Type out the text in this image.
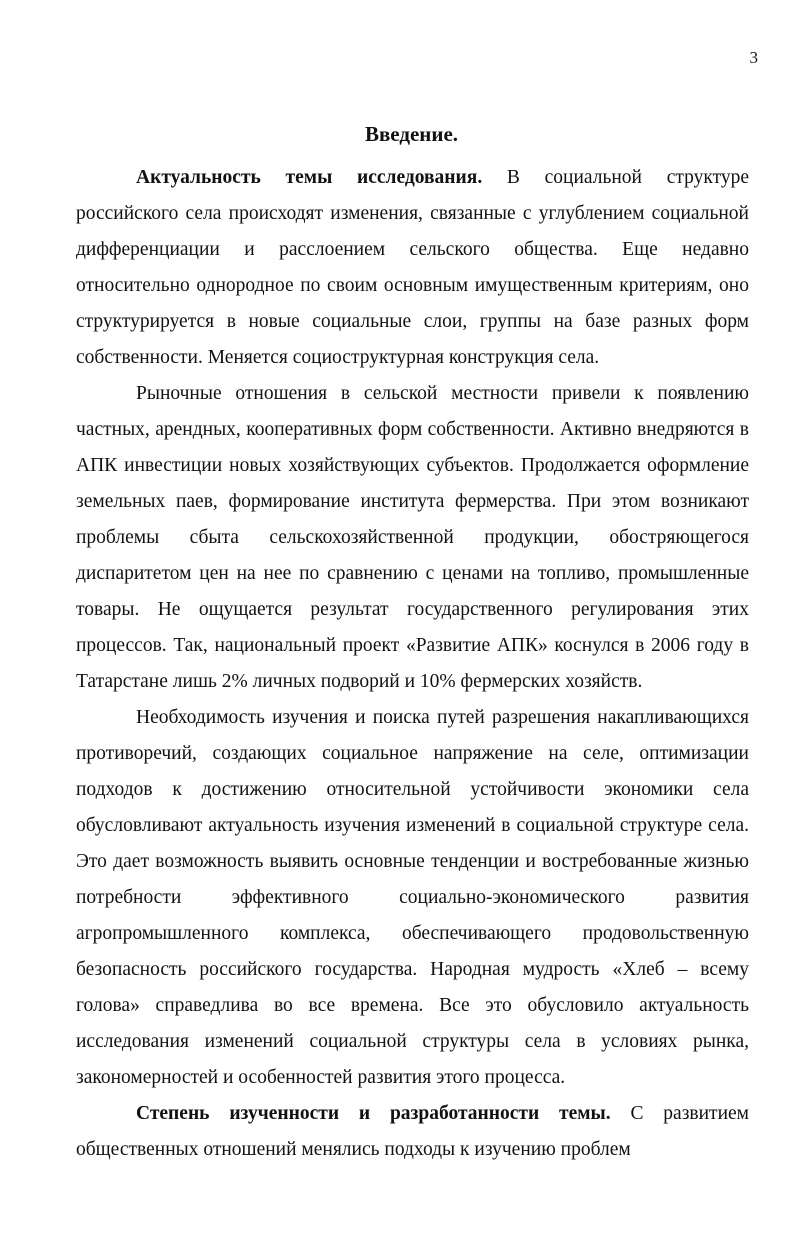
3
Введение.

Актуальность темы исследования. В социальной структуре российского села происходят изменения, связанные с углублением социальной дифференциации и расслоением сельского общества. Еще недавно относительно однородное по своим основным имущественным критериям, оно структурируется в новые социальные слои, группы на базе разных форм собственности. Меняется социоструктурная конструкция села.

Рыночные отношения в сельской местности привели к появлению частных, арендных, кооперативных форм собственности. Активно внедряются в АПК инвестиции новых хозяйствующих субъектов. Продолжается оформление земельных паев, формирование института фермерства. При этом возникают проблемы сбыта сельскохозяйственной продукции, обостряющегося диспаритетом цен на нее по сравнению с ценами на топливо, промышленные товары. Не ощущается результат государственного регулирования этих процессов. Так, национальный проект «Развитие АПК» коснулся в 2006 году в Татарстане лишь 2% личных подворий и 10% фермерских хозяйств.

Необходимость изучения и поиска путей разрешения накапливающихся противоречий, создающих социальное напряжение на селе, оптимизации подходов к достижению относительной устойчивости экономики села обусловливают актуальность изучения изменений в социальной структуре села. Это дает возможность выявить основные тенденции и востребованные жизнью потребности эффективного социально-экономического развития агропромышленного комплекса, обеспечивающего продовольственную безопасность российского государства. Народная мудрость «Хлеб – всему голова» справедлива во все времена. Все это обусловило актуальность исследования изменений социальной структуры села в условиях рынка, закономерностей и особенностей развития этого процесса.

Степень изученности и разработанности темы. С развитием общественных отношений менялись подходы к изучению проблем
